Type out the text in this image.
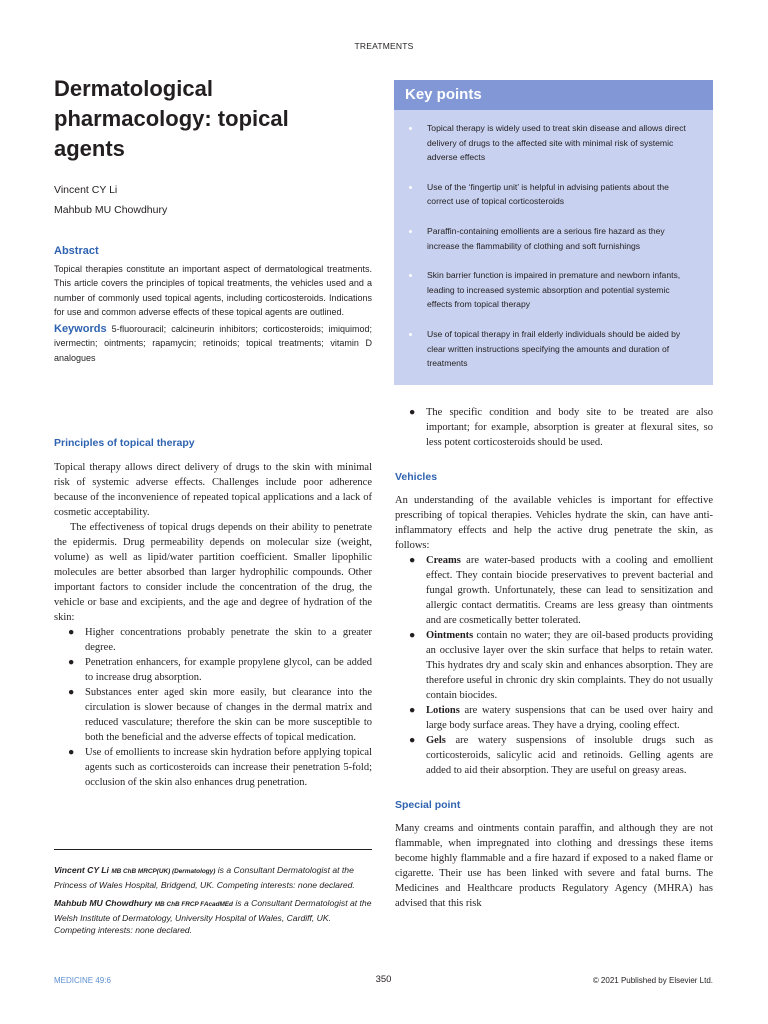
TREATMENTS
Dermatological pharmacology: topical agents
Vincent CY Li
Mahbub MU Chowdhury
Abstract

Topical therapies constitute an important aspect of dermatological treatments. This article covers the principles of topical treatments, the vehicles used and a number of commonly used topical agents, including corticosteroids. Indications for use and common adverse effects of these topical agents are outlined.

Keywords 5-fluorouracil; calcineurin inhibitors; corticosteroids; imiquimod; ivermectin; ointments; rapamycin; retinoids; topical treatments; vitamin D analogues

Key points
Topical therapy is widely used to treat skin disease and allows direct delivery of drugs to the affected site with minimal risk of systemic adverse effects
Use of the ‘fingertip unit’ is helpful in advising patients about the correct use of topical corticosteroids
Paraffin-containing emollients are a serious fire hazard as they increase the flammability of clothing and soft furnishings
Skin barrier function is impaired in premature and newborn infants, leading to increased systemic absorption and potential systemic effects from topical therapy
Use of topical therapy in frail elderly individuals should be aided by clear written instructions specifying the amounts and duration of treatments
Principles of topical therapy

Topical therapy allows direct delivery of drugs to the skin with minimal risk of systemic adverse effects. Challenges include poor adherence because of the inconvenience of repeated topical applications and a lack of cosmetic acceptability.

The effectiveness of topical drugs depends on their ability to penetrate the epidermis. Drug permeability depends on molecular size (weight, volume) as well as lipid/water partition coefficient. Smaller lipophilic molecules are better absorbed than larger hydrophilic compounds. Other important factors to consider include the concentration of the drug, the vehicle or base and excipients, and the age and degree of hydration of the skin:

● Higher concentrations probably penetrate the skin to a greater degree.
● Penetration enhancers, for example propylene glycol, can be added to increase drug absorption.
● Substances enter aged skin more easily, but clearance into the circulation is slower because of changes in the dermal matrix and reduced vasculature; therefore the skin can be more susceptible to both the beneficial and the adverse effects of topical medication.
● Use of emollients to increase skin hydration before applying topical agents such as corticosteroids can increase their penetration 5-fold; occlusion of the skin also enhances drug penetration.
● The specific condition and body site to be treated are also important; for example, absorption is greater at flexural sites, so less potent corticosteroids should be used.
Vehicles

An understanding of the available vehicles is important for effective prescribing of topical therapies. Vehicles hydrate the skin, can have anti-inflammatory effects and help the active drug penetrate the skin, as follows:

● Creams are water-based products with a cooling and emollient effect. They contain biocide preservatives to prevent bacterial and fungal growth. Unfortunately, these can lead to sensitization and allergic contact dermatitis. Creams are less greasy than ointments and are cosmetically better tolerated.
● Ointments contain no water; they are oil-based products providing an occlusive layer over the skin surface that helps to retain water. This hydrates dry and scaly skin and enhances absorption. They are therefore useful in chronic dry skin complaints. They do not usually contain biocides.
● Lotions are watery suspensions that can be used over hairy and large body surface areas. They have a drying, cooling effect.
● Gels are watery suspensions of insoluble drugs such as corticosteroids, salicylic acid and retinoids. Gelling agents are added to aid their absorption. They are useful on greasy areas.
Special point

Many creams and ointments contain paraffin, and although they are not flammable, when impregnated into clothing and dressings these items become highly flammable and a fire hazard if exposed to a naked flame or cigarette. Their use has been linked with severe and fatal burns. The Medicines and Healthcare products Regulatory Agency (MHRA) has advised that this risk

Vincent CY Li MB ChB MRCP(UK) (Dermatology) is a Consultant Dermatologist at the Princess of Wales Hospital, Bridgend, UK. Competing interests: none declared.

Mahbub MU Chowdhury MB ChB FRCP FAcadMEd is a Consultant Dermatologist at the Welsh Institute of Dermatology, University Hospital of Wales, Cardiff, UK. Competing interests: none declared.

MEDICINE 49:6	350	© 2021 Published by Elsevier Ltd.
